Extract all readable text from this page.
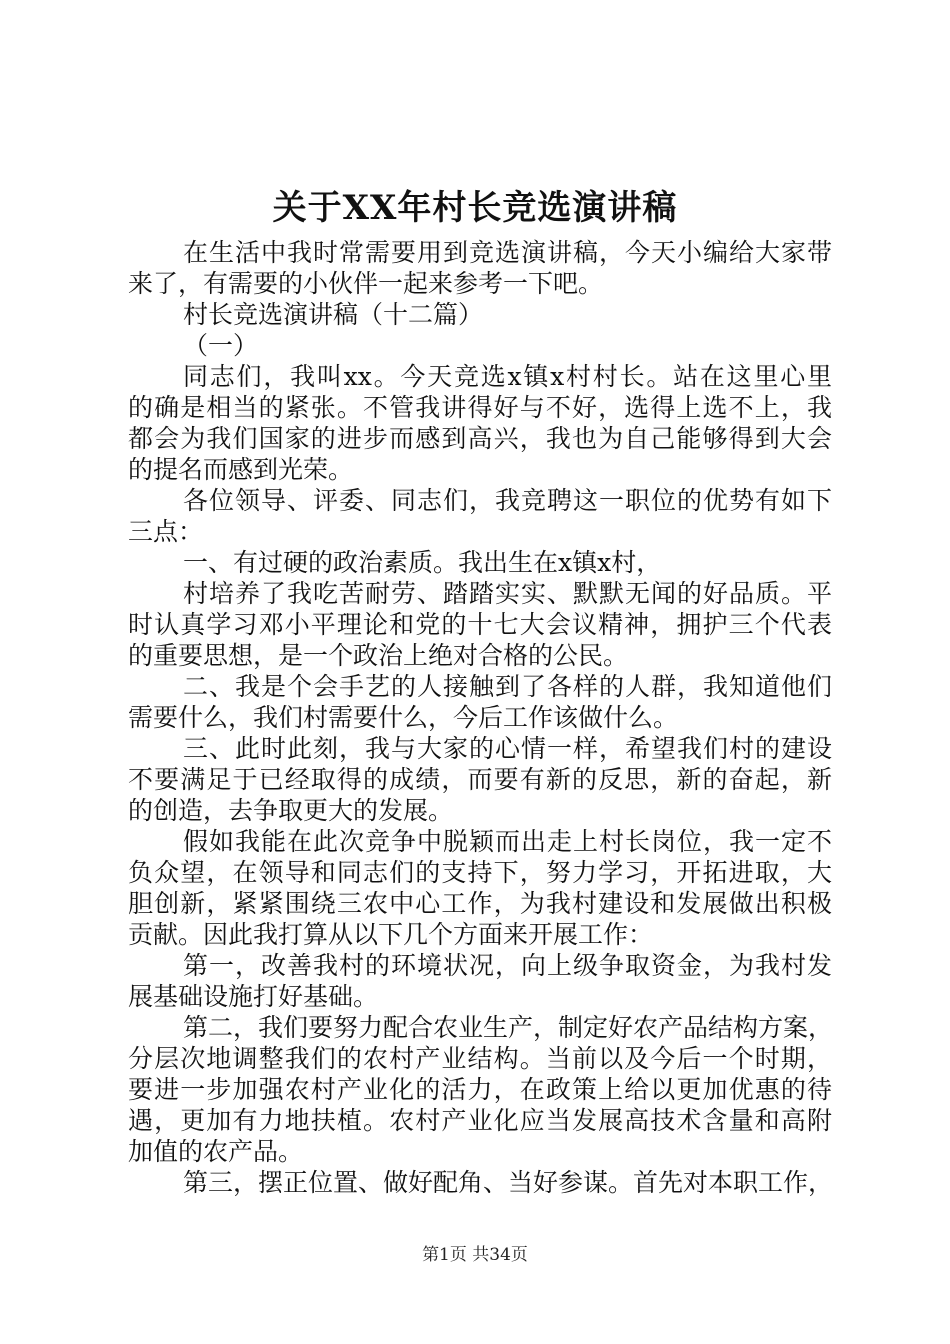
关于XX年村长竞选演讲稿
在生活中我时常需要用到竞选演讲稿，今天小编给大家带
来了，有需要的小伙伴一起来参考一下吧。
村长竞选演讲稿（十二篇）
（一）
同志们，我叫xx。今天竞选x镇x村村长。站在这里心里
的确是相当的紧张。不管我讲得好与不好，选得上选不上，我
都会为我们国家的进步而感到高兴，我也为自己能够得到大会
的提名而感到光荣。
各位领导、评委、同志们，我竞聘这一职位的优势有如下
三点：
一、有过硬的政治素质。我出生在x镇x村，
村培养了我吃苦耐劳、踏踏实实、默默无闻的好品质。平
时认真学习邓小平理论和党的十七大会议精神，拥护三个代表
的重要思想，是一个政治上绝对合格的公民。
二、我是个会手艺的人接触到了各样的人群，我知道他们
需要什么，我们村需要什么，今后工作该做什么。
三、此时此刻，我与大家的心情一样，希望我们村的建设
不要满足于已经取得的成绩，而要有新的反思，新的奋起，新
的创造，去争取更大的发展。
假如我能在此次竞争中脱颖而出走上村长岗位，我一定不
负众望，在领导和同志们的支持下，努力学习，开拓进取，大
胆创新，紧紧围绕三农中心工作，为我村建设和发展做出积极
贡献。因此我打算从以下几个方面来开展工作：
第一，改善我村的环境状况，向上级争取资金，为我村发
展基础设施打好基础。
第二，我们要努力配合农业生产，制定好农产品结构方案，
分层次地调整我们的农村产业结构。当前以及今后一个时期，
要进一步加强农村产业化的活力，在政策上给以更加优惠的待
遇，更加有力地扶植。农村产业化应当发展高技术含量和高附
加值的农产品。
第三，摆正位置、做好配角、当好参谋。首先对本职工作，
第1页 共34页
